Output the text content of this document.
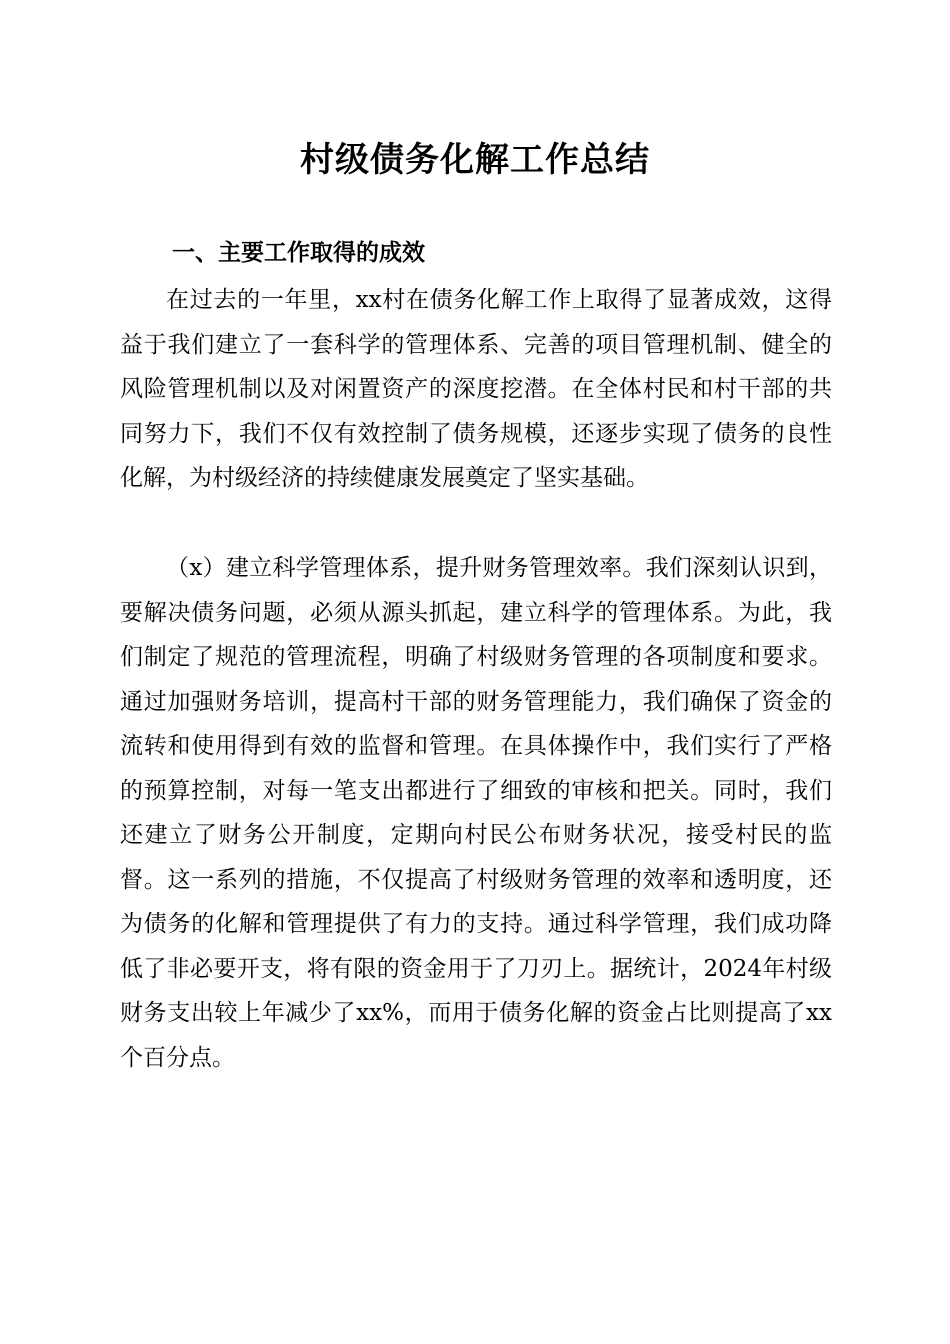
村级债务化解工作总结
一、主要工作取得的成效

在过去的一年里，xx村在债务化解工作上取得了显著成效，这得益于我们建立了一套科学的管理体系、完善的项目管理机制、健全的风险管理机制以及对闲置资产的深度挖潜。在全体村民和村干部的共同努力下，我们不仅有效控制了债务规模，还逐步实现了债务的良性化解，为村级经济的持续健康发展奠定了坚实基础。

（x）建立科学管理体系，提升财务管理效率。我们深刻认识到，要解决债务问题，必须从源头抓起，建立科学的管理体系。为此，我们制定了规范的管理流程，明确了村级财务管理的各项制度和要求。通过加强财务培训，提高村干部的财务管理能力，我们确保了资金的流转和使用得到有效的监督和管理。在具体操作中，我们实行了严格的预算控制，对每一笔支出都进行了细致的审核和把关。同时，我们还建立了财务公开制度，定期向村民公布财务状况，接受村民的监督。这一系列的措施，不仅提高了村级财务管理的效率和透明度，还为债务的化解和管理提供了有力的支持。通过科学管理，我们成功降低了非必要开支，将有限的资金用于了刀刃上。据统计，2024年村级财务支出较上年减少了xx%，而用于债务化解的资金占比则提高了xx个百分点。
